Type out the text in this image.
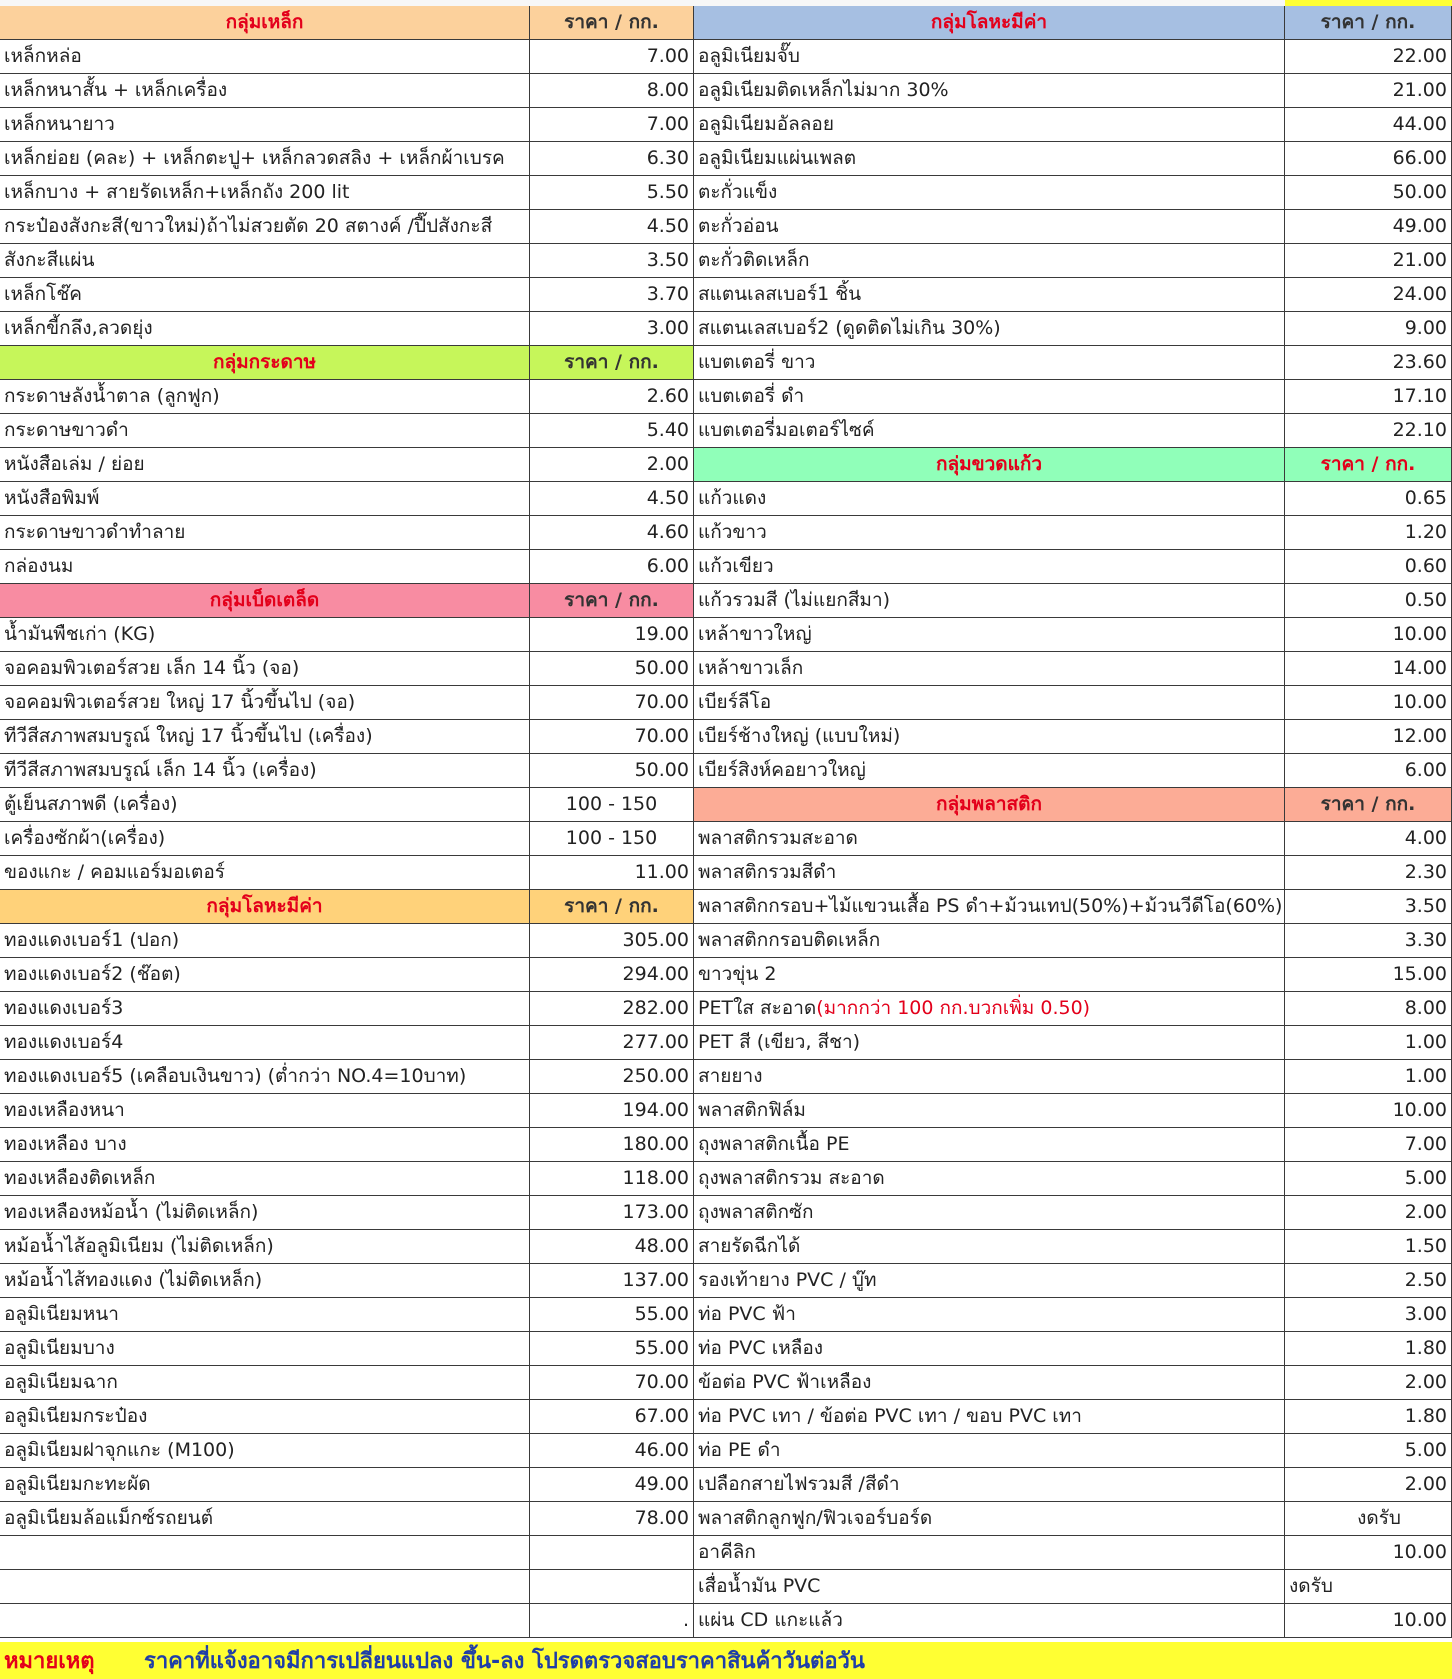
กลุ่มเหล็ก	ราคา / กก.
เหล็กหล่อ	7.00
เหล็กหนาสั้น + เหล็กเครื่อง	8.00
เหล็กหนายาว	7.00
เหล็กย่อย (คละ) + เหล็กตะปู+ เหล็กลวดสลิง + เหล็กผ้าเบรค	6.30
เหล็กบาง + สายรัดเหล็ก+เหล็กถัง 200 lit	5.50
กระป๋องสังกะสี(ขาวใหม่)ถ้าไม่สวยตัด 20 สตางค์ /ปี๊ปสังกะสี	4.50
สังกะสีแผ่น	3.50
เหล็กโช๊ค	3.70
เหล็กขี้กลึง,ลวดยุ่ง	3.00
กลุ่มกระดาษ	ราคา / กก.
กระดาษลังน้ำตาล (ลูกฟูก)	2.60
กระดาษขาวดำ	5.40
หนังสือเล่ม / ย่อย	2.00
หนังสือพิมพ์	4.50
กระดาษขาวดำทำลาย	4.60
กล่องนม	6.00
กลุ่มเบ็ดเตล็ด	ราคา / กก.
น้ำมันพืชเก่า (KG)	19.00
จอคอมพิวเตอร์สวย เล็ก 14 นิ้ว (จอ)	50.00
จอคอมพิวเตอร์สวย ใหญ่ 17 นิ้วขึ้นไป (จอ)	70.00
ทีวีสีสภาพสมบรูณ์ ใหญ่ 17 นิ้วขึ้นไป (เครื่อง)	70.00
ทีวีสีสภาพสมบรูณ์ เล็ก 14 นิ้ว (เครื่อง)	50.00
ตู้เย็นสภาพดี (เครื่อง)	100 - 150
เครื่องซักผ้า(เครื่อง)	100 - 150
ของแกะ / คอมแอร์มอเตอร์	11.00
กลุ่มโลหะมีค่า	ราคา / กก.
ทองแดงเบอร์1 (ปอก)	305.00
ทองแดงเบอร์2 (ช๊อต)	294.00
ทองแดงเบอร์3	282.00
ทองแดงเบอร์4	277.00
ทองแดงเบอร์5 (เคลือบเงินขาว) (ต่ำกว่า NO.4=10บาท)	250.00
ทองเหลืองหนา	194.00
ทองเหลือง บาง	180.00
ทองเหลืองติดเหล็ก	118.00
ทองเหลืองหม้อน้ำ (ไม่ติดเหล็ก)	173.00
หม้อน้ำไส้อลูมิเนียม (ไม่ติดเหล็ก)	48.00
หม้อน้ำไส้ทองแดง (ไม่ติดเหล็ก)	137.00
อลูมิเนียมหนา	55.00
อลูมิเนียมบาง	55.00
อลูมิเนียมฉาก	70.00
อลูมิเนียมกระป๋อง	67.00
อลูมิเนียมฝาจุกแกะ (M100)	46.00
อลูมิเนียมกะทะผัด	49.00
อลูมิเนียมล้อแม็กซ์รถยนต์	78.00
.
กลุ่มโลหะมีค่า	ราคา / กก.
อลูมิเนียมจั๊บ	22.00
อลูมิเนียมติดเหล็กไม่มาก 30%	21.00
อลูมิเนียมอัลลอย	44.00
อลูมิเนียมแผ่นเพลต	66.00
ตะกั่วแข็ง	50.00
ตะกั่วอ่อน	49.00
ตะกั่วติดเหล็ก	21.00
สแตนเลสเบอร์1 ชิ้น	24.00
สแตนเลสเบอร์2 (ดูดติดไม่เกิน 30%)	9.00
แบตเตอรี่ ขาว	23.60
แบตเตอรี่ ดำ	17.10
แบตเตอรี่มอเตอร์ไซค์	22.10
กลุ่มขวดแก้ว	ราคา / กก.
แก้วแดง	0.65
แก้วขาว	1.20
แก้วเขียว	0.60
แก้วรวมสี (ไม่แยกสีมา)	0.50
เหล้าขาวใหญ่	10.00
เหล้าขาวเล็ก	14.00
เบียร์ลีโอ	10.00
เบียร์ช้างใหญ่ (แบบใหม่)	12.00
เบียร์สิงห์คอยาวใหญ่	6.00
กลุ่มพลาสติก	ราคา / กก.
พลาสติกรวมสะอาด	4.00
พลาสติกรวมสีดำ	2.30
พลาสติกกรอบ+ไม้แขวนเสื้อ PS ดำ+ม้วนเทป(50%)+ม้วนวีดีโอ(60%)	3.50
พลาสติกกรอบติดเหล็ก	3.30
ขาวขุ่น 2	15.00
PETใส สะอาด (มากกว่า 100 กก.บวกเพิ่ม 0.50)	8.00
PET สี (เขียว, สีชา)	1.00
สายยาง	1.00
พลาสติกฟิล์ม	10.00
ถุงพลาสติกเนื้อ PE	7.00
ถุงพลาสติกรวม สะอาด	5.00
ถุงพลาสติกซัก	2.00
สายรัดฉีกได้	1.50
รองเท้ายาง PVC / บู๊ท	2.50
ท่อ PVC ฟ้า	3.00
ท่อ PVC เหลือง	1.80
ข้อต่อ PVC ฟ้าเหลือง	2.00
ท่อ PVC เทา / ข้อต่อ PVC เทา / ขอบ PVC เทา	1.80
ท่อ PE ดำ	5.00
เปลือกสายไฟรวมสี /สีดำ	2.00
พลาสติกลูกฟูก/ฟิวเจอร์บอร์ด	งดรับ
อาคีลิก	10.00
เสื่อน้ำมัน PVC	งดรับ
แผ่น CD แกะแล้ว	10.00
หมายเหตุ	ราคาที่แจ้งอาจมีการเปลี่ยนแปลง ขึ้น-ลง โปรดตรวจสอบราคาสินค้าวันต่อวัน
